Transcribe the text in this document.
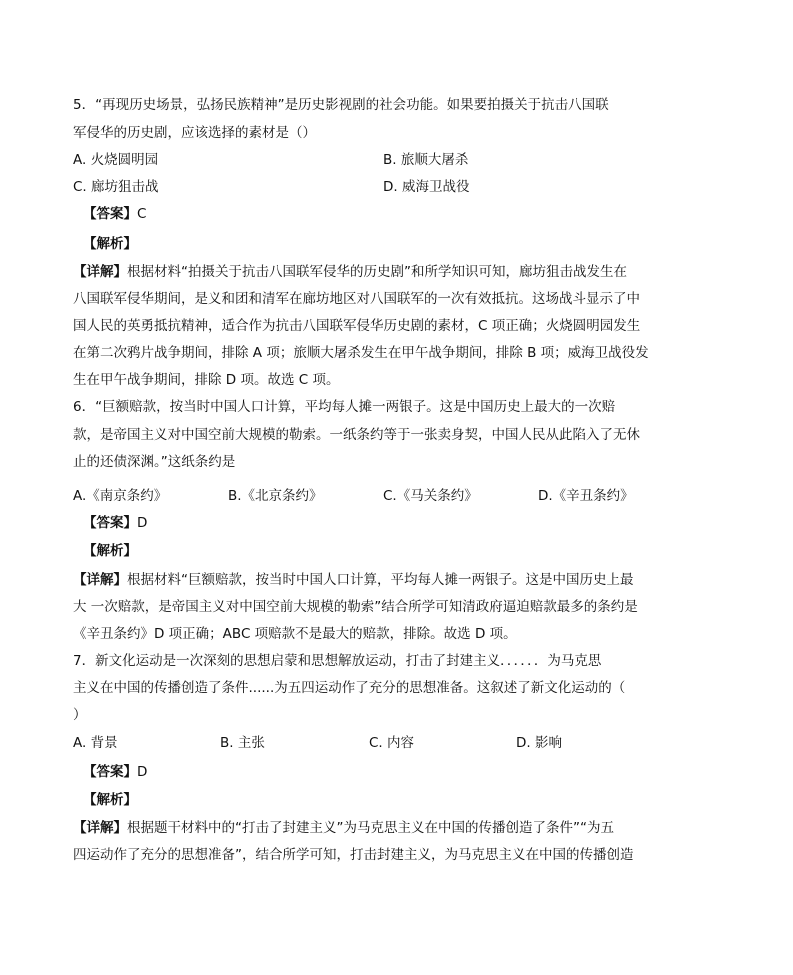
5．“再现历史场景，弘扬民族精神”是历史影视剧的社会功能。如果要拍摄关于抗击八国联
军侵华的历史剧，应该选择的素材是（）
A. 火烧圆明园	B. 旅顺大屠杀
C. 廊坊狙击战	D. 威海卫战役
【答案】C
【解析】
【详解】根据材料“拍摄关于抗击八国联军侵华的历史剧”和所学知识可知，廊坊狙击战发生在
八国联军侵华期间，是义和团和清军在廊坊地区对八国联军的一次有效抵抗。这场战斗显示了中
国人民的英勇抵抗精神，适合作为抗击八国联军侵华历史剧的素材，C 项正确；火烧圆明园发生
在第二次鸦片战争期间，排除 A 项；旅顺大屠杀发生在甲午战争期间，排除 B 项；威海卫战役发
生在甲午战争期间，排除 D 项。故选 C 项。
6．“巨额赔款，按当时中国人口计算，平均每人摊一两银子。这是中国历史上最大的一次赔
款，是帝国主义对中国空前大规模的勒索。一纸条约等于一张卖身契，中国人民从此陷入了无休
止的还债深渊。”这纸条约是
A.《南京条约》	B.《北京条约》	C.《马关条约》	D.《辛丑条约》
【答案】D
【解析】
【详解】根据材料“巨额赔款，按当时中国人口计算，平均每人摊一两银子。这是中国历史上最
大 一次赔款，是帝国主义对中国空前大规模的勒索”结合所学可知清政府逼迫赔款最多的条约是
《辛丑条约》D 项正确；ABC 项赔款不是最大的赔款，排除。故选 D 项。
7．新文化运动是一次深刻的思想启蒙和思想解放运动，打击了封建主义．．．．．．为马克思
主义在中国的传播创造了条件......为五四运动作了充分的思想准备。这叙述了新文化运动的（
）
A. 背景	B. 主张	C. 内容	D. 影响
【答案】D
【解析】
【详解】根据题干材料中的“打击了封建主义”为马克思主义在中国的传播创造了条件”“为五
四运动作了充分的思想准备”，结合所学可知，打击封建主义，为马克思主义在中国的传播创造
